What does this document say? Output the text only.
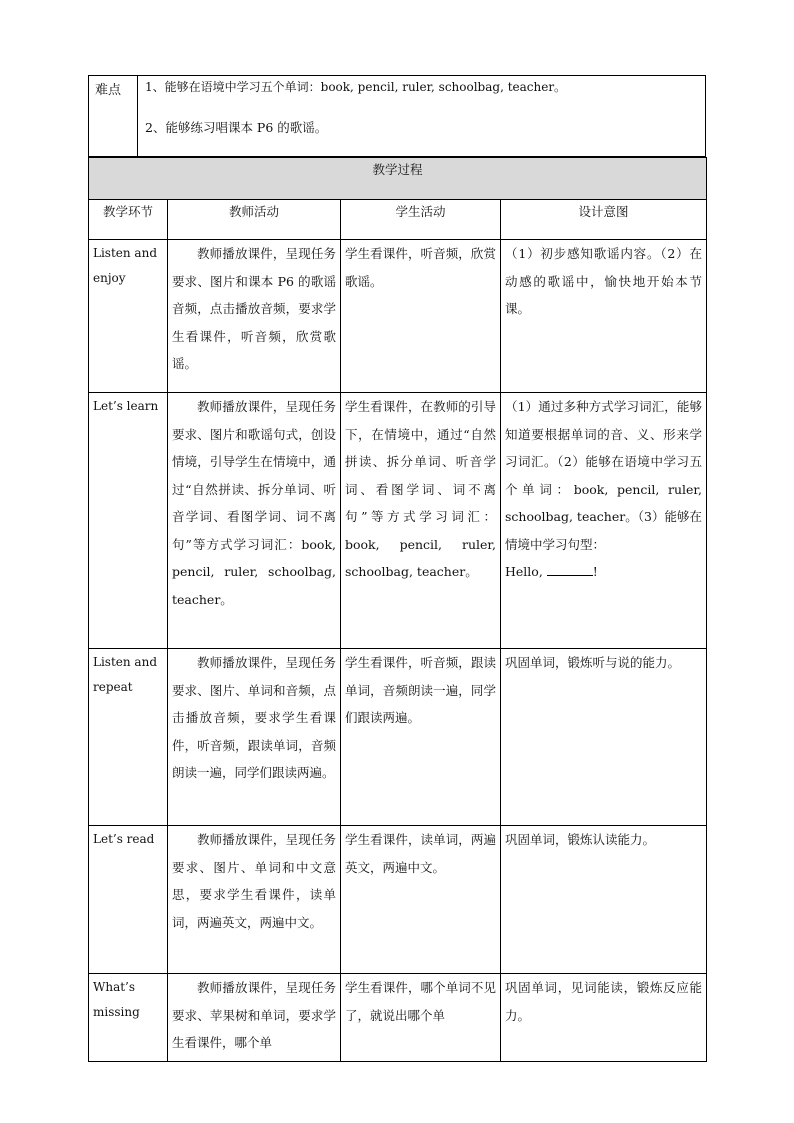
难点	1、能够在语境中学习五个单词：book, pencil, ruler, schoolbag, teacher。
2、能够练习唱课本 P6 的歌谣。
教学过程			
教学环节	教师活动	学生活动	设计意图

Listen and
enjoy	教师播放课件，呈现任务要求、图片和课本 P6 的歌谣音频，点击播放音频，要求学生看课件，听音频，欣赏歌谣。	学生看课件，听音频，欣赏歌谣。	（1）初步感知歌谣内容。（2）在动感的歌谣中，愉快地开始本节课。

Let’s learn	教师播放课件，呈现任务要求、图片和歌谣句式，创设情境，引导学生在情境中，通过“自然拼读、拆分单词、听音学词、看图学词、词不离句”等方式学习词汇：book, pencil, ruler, schoolbag, teacher。	学生看课件，在教师的引导下，在情境中，通过“自然拼读、拆分单词、听音学词、看图学词、词不离句”等方式学习词汇：book, pencil, ruler, schoolbag, teacher。	（1）通过多种方式学习词汇，能够知道要根据单词的音、义、形来学习词汇。（2）能够在语境中学习五个单词：book, pencil, ruler, schoolbag, teacher。（3）能够在情境中学习句型：
Hello, !

Listen and
repeat	教师播放课件，呈现任务要求、图片、单词和音频，点击播放音频，要求学生看课件，听音频，跟读单词，音频朗读一遍，同学们跟读两遍。	学生看课件，听音频，跟读单词，音频朗读一遍，同学们跟读两遍。	巩固单词，锻炼听与说的能力。

Let’s read	教师播放课件，呈现任务要求、图片、单词和中文意思，要求学生看课件，读单词，两遍英文，两遍中文。	学生看课件，读单词，两遍英文，两遍中文。	巩固单词，锻炼认读能力。

What’s
missing	教师播放课件，呈现任务要求、苹果树和单词，要求学生看课件，哪个单	学生看课件，哪个单词不见了，就说出哪个单	巩固单词，见词能读，锻炼反应能力。
